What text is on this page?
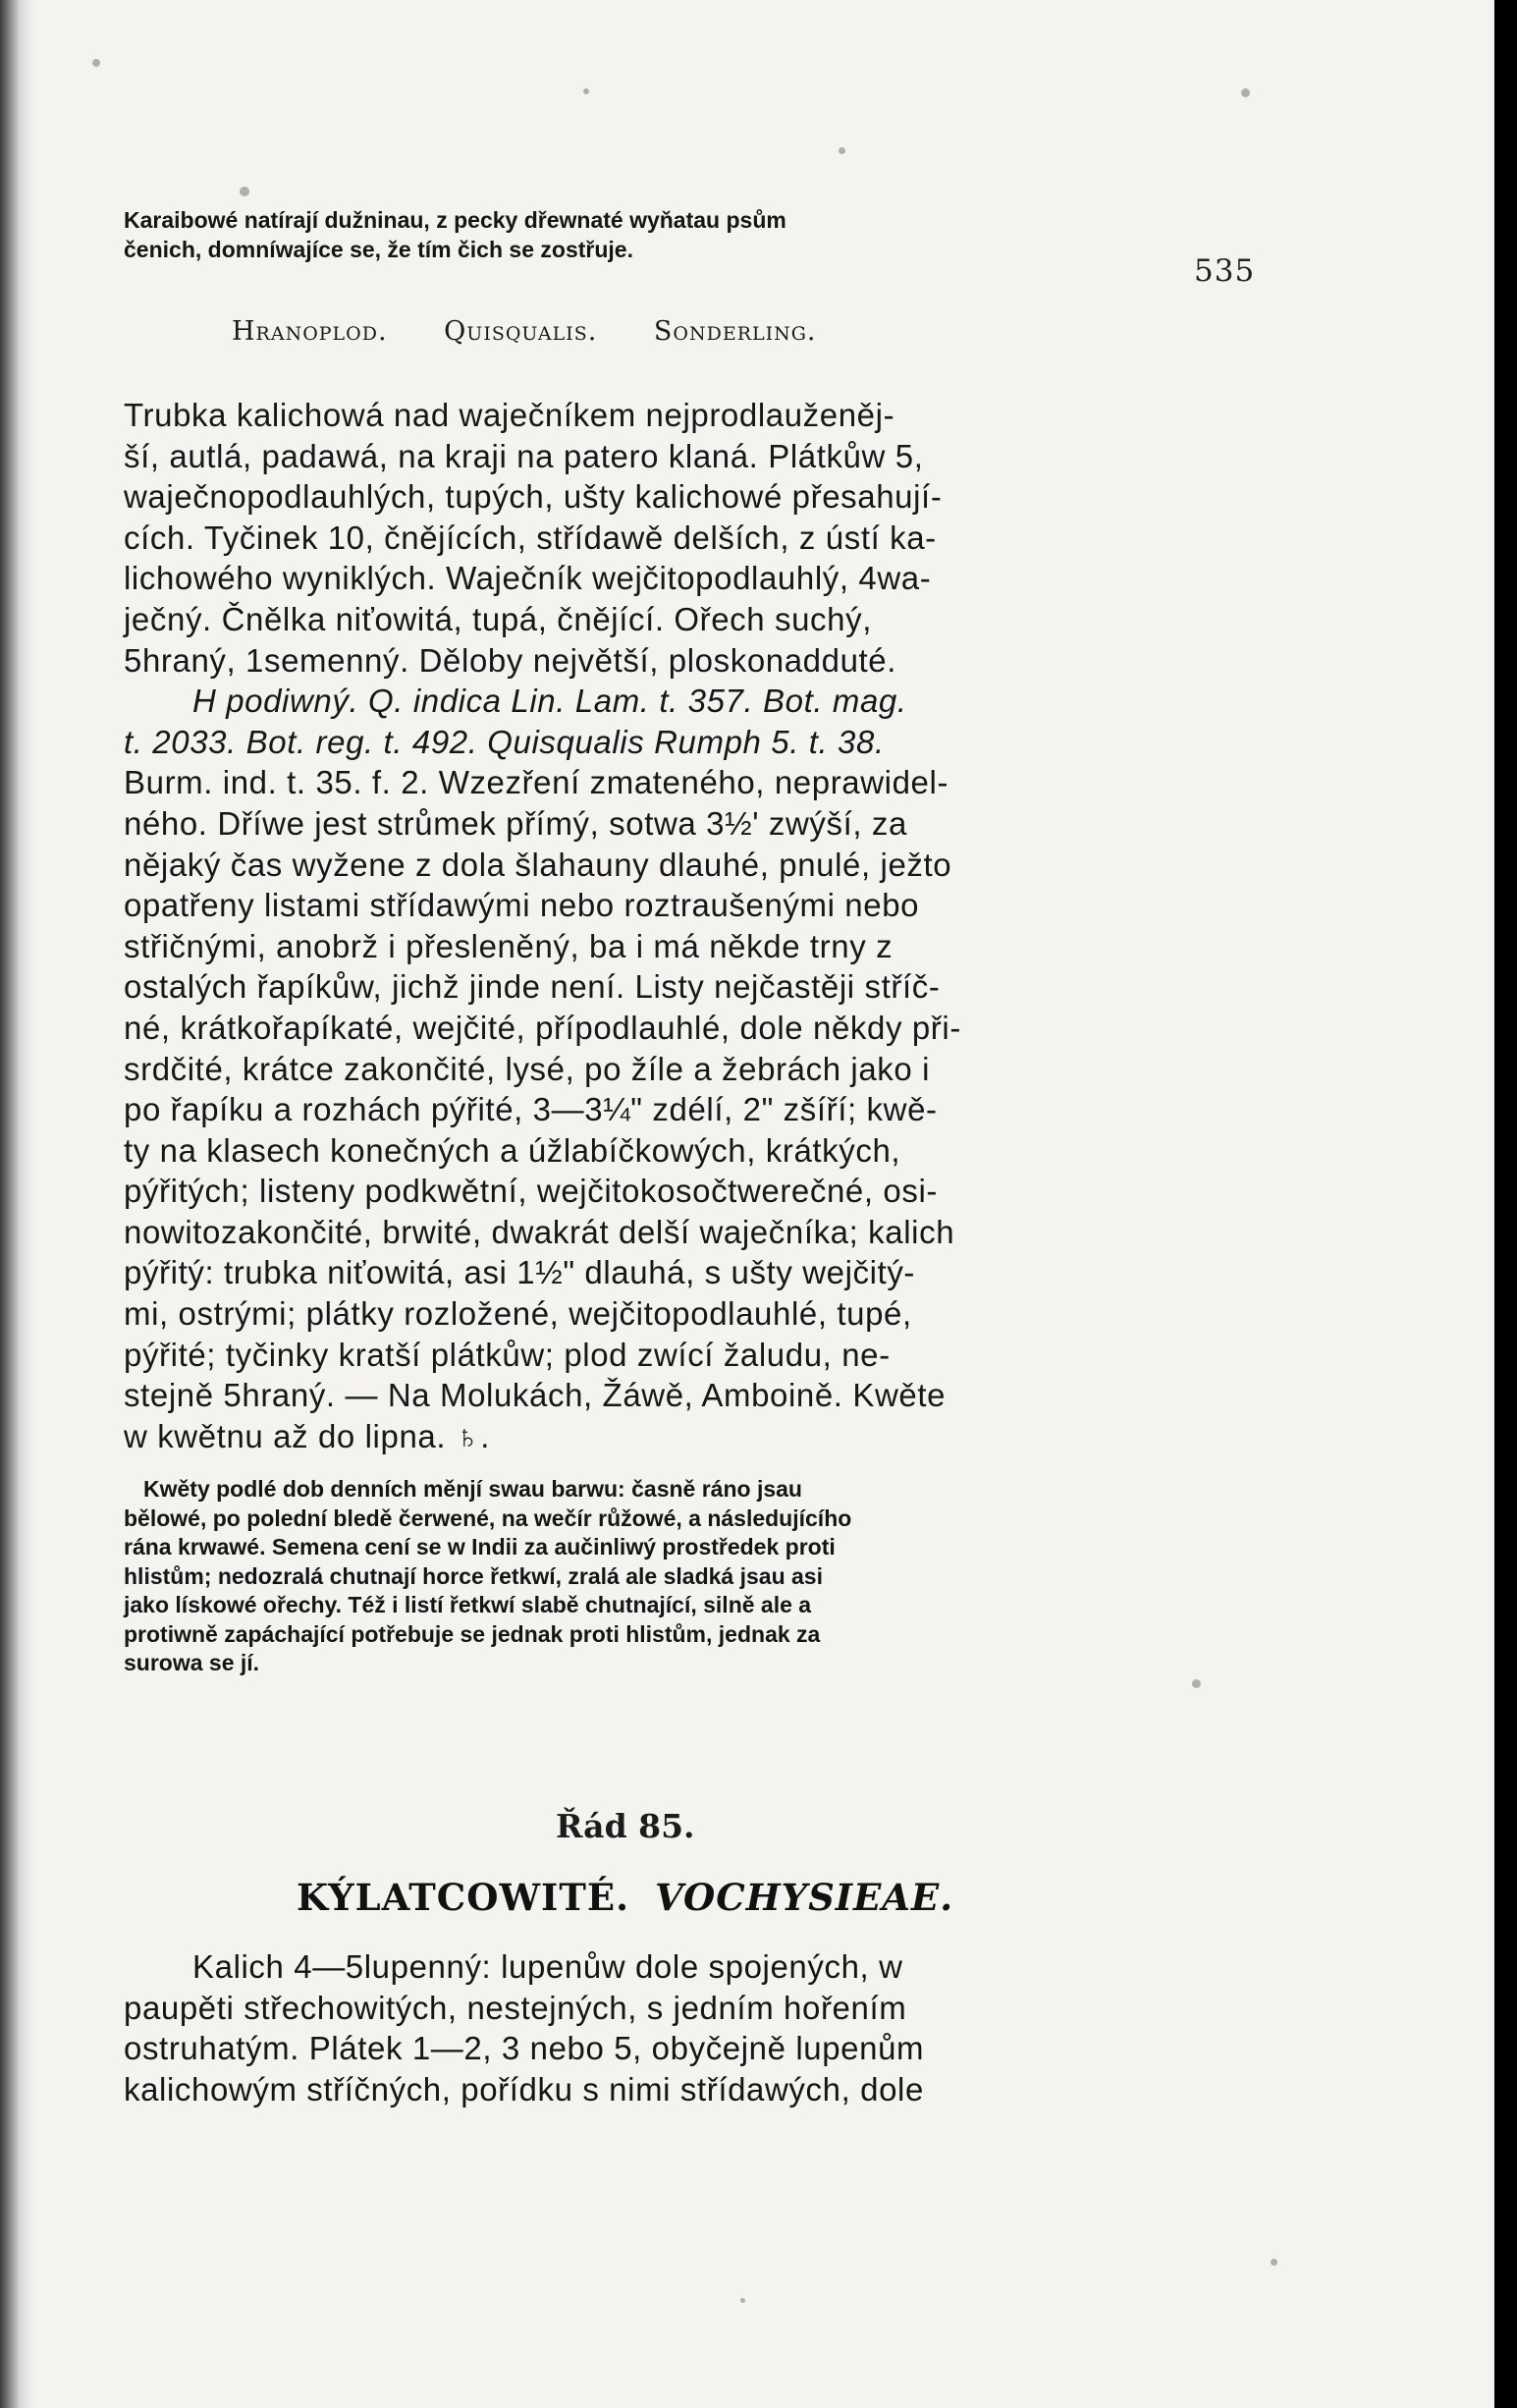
535
Karaibowé natírají dužninau, z pecky dřewnaté wyňatau psům
čenich, domníwajíce se, že tím čich se zostřuje.
Hranoplod. Quisqualis. Sonderling.
Trubka kalichowá nad waječníkem nejprodlauženěj-
ší, autlá, padawá, na kraji na patero klaná. Plátkůw 5,
waječnopodlauhlých, tupých, ušty kalichowé přesahují-
cích. Tyčinek 10, čnějících, střídawě delších, z ústí ka-
lichowého wyniklých. Waječník wejčitopodlauhlý, 4wa-
ječný. Čnělka niťowitá, tupá, čnějící. Ořech suchý,
5hraný, 1semenný. Děloby největší, ploskonadduté.
H podiwný. Q. indica Lin. Lam. t. 357. Bot. mag.
t. 2033. Bot. reg. t. 492. Quisqualis Rumph 5. t. 38.
Burm. ind. t. 35. f. 2. Wzezření zmateného, neprawidel-
ného. Dříwe jest strůmek přímý, sotwa 3½' zwýší, za
nějaký čas wyžene z dola šlahauny dlauhé, pnulé, ježto
opatřeny listami střídawými nebo roztraušenými nebo
střičnými, anobrž i přesleněný, ba i má někde trny z
ostalých řapíkůw, jichž jinde není. Listy nejčastěji stříč-
né, krátkořapíkaté, wejčité, přípodlauhlé, dole někdy při-
srdčité, krátce zakončité, lysé, po žíle a žebrách jako i
po řapíku a rozhách pýřité, 3—3¼" zdélí, 2" zšíří; kwě-
ty na klasech konečných a úžlabíčkowých, krátkých,
pýřitých; listeny podkwětní, wejčitokosočtwerečné, osi-
nowitozakončité, brwité, dwakrát delší waječníka; kalich
pýřitý: trubka niťowitá, asi 1½" dlauhá, s ušty wejčitý-
mi, ostrými; plátky rozložené, wejčitopodlauhlé, tupé,
pýřité; tyčinky kratší plátkůw; plod zwící žaludu, ne-
stejně 5hraný. — Na Molukách, Žáwě, Amboině. Kwěte
w kwětnu až do lipna. ♄.
Kwěty podlé dob denních měnjí swau barwu: časně ráno jsau
bělowé, po polední bledě čerwené, na wečír růžowé, a následujícího
rána krwawé. Semena cení se w Indii za aučinliwý prostředek proti
hlistům; nedozralá chutnají horce řetkwí, zralá ale sladká jsau asi
jako lískowé ořechy. Též i listí řetkwí slabě chutnající, silně ale a
protiwně zapáchající potřebuje se jednak proti hlistům, jednak za
surowa se jí.
Řád 85.
KÝLATCOWITÉ. VOCHYSIEAE.
Kalich 4—5lupenný: lupenůw dole spojených, w
paupěti střechowitých, nestejných, s jedním hořením
ostruhatým. Plátek 1—2, 3 nebo 5, obyčejně lupenům
kalichowým stříčných, pořídku s nimi střídawých, dole
